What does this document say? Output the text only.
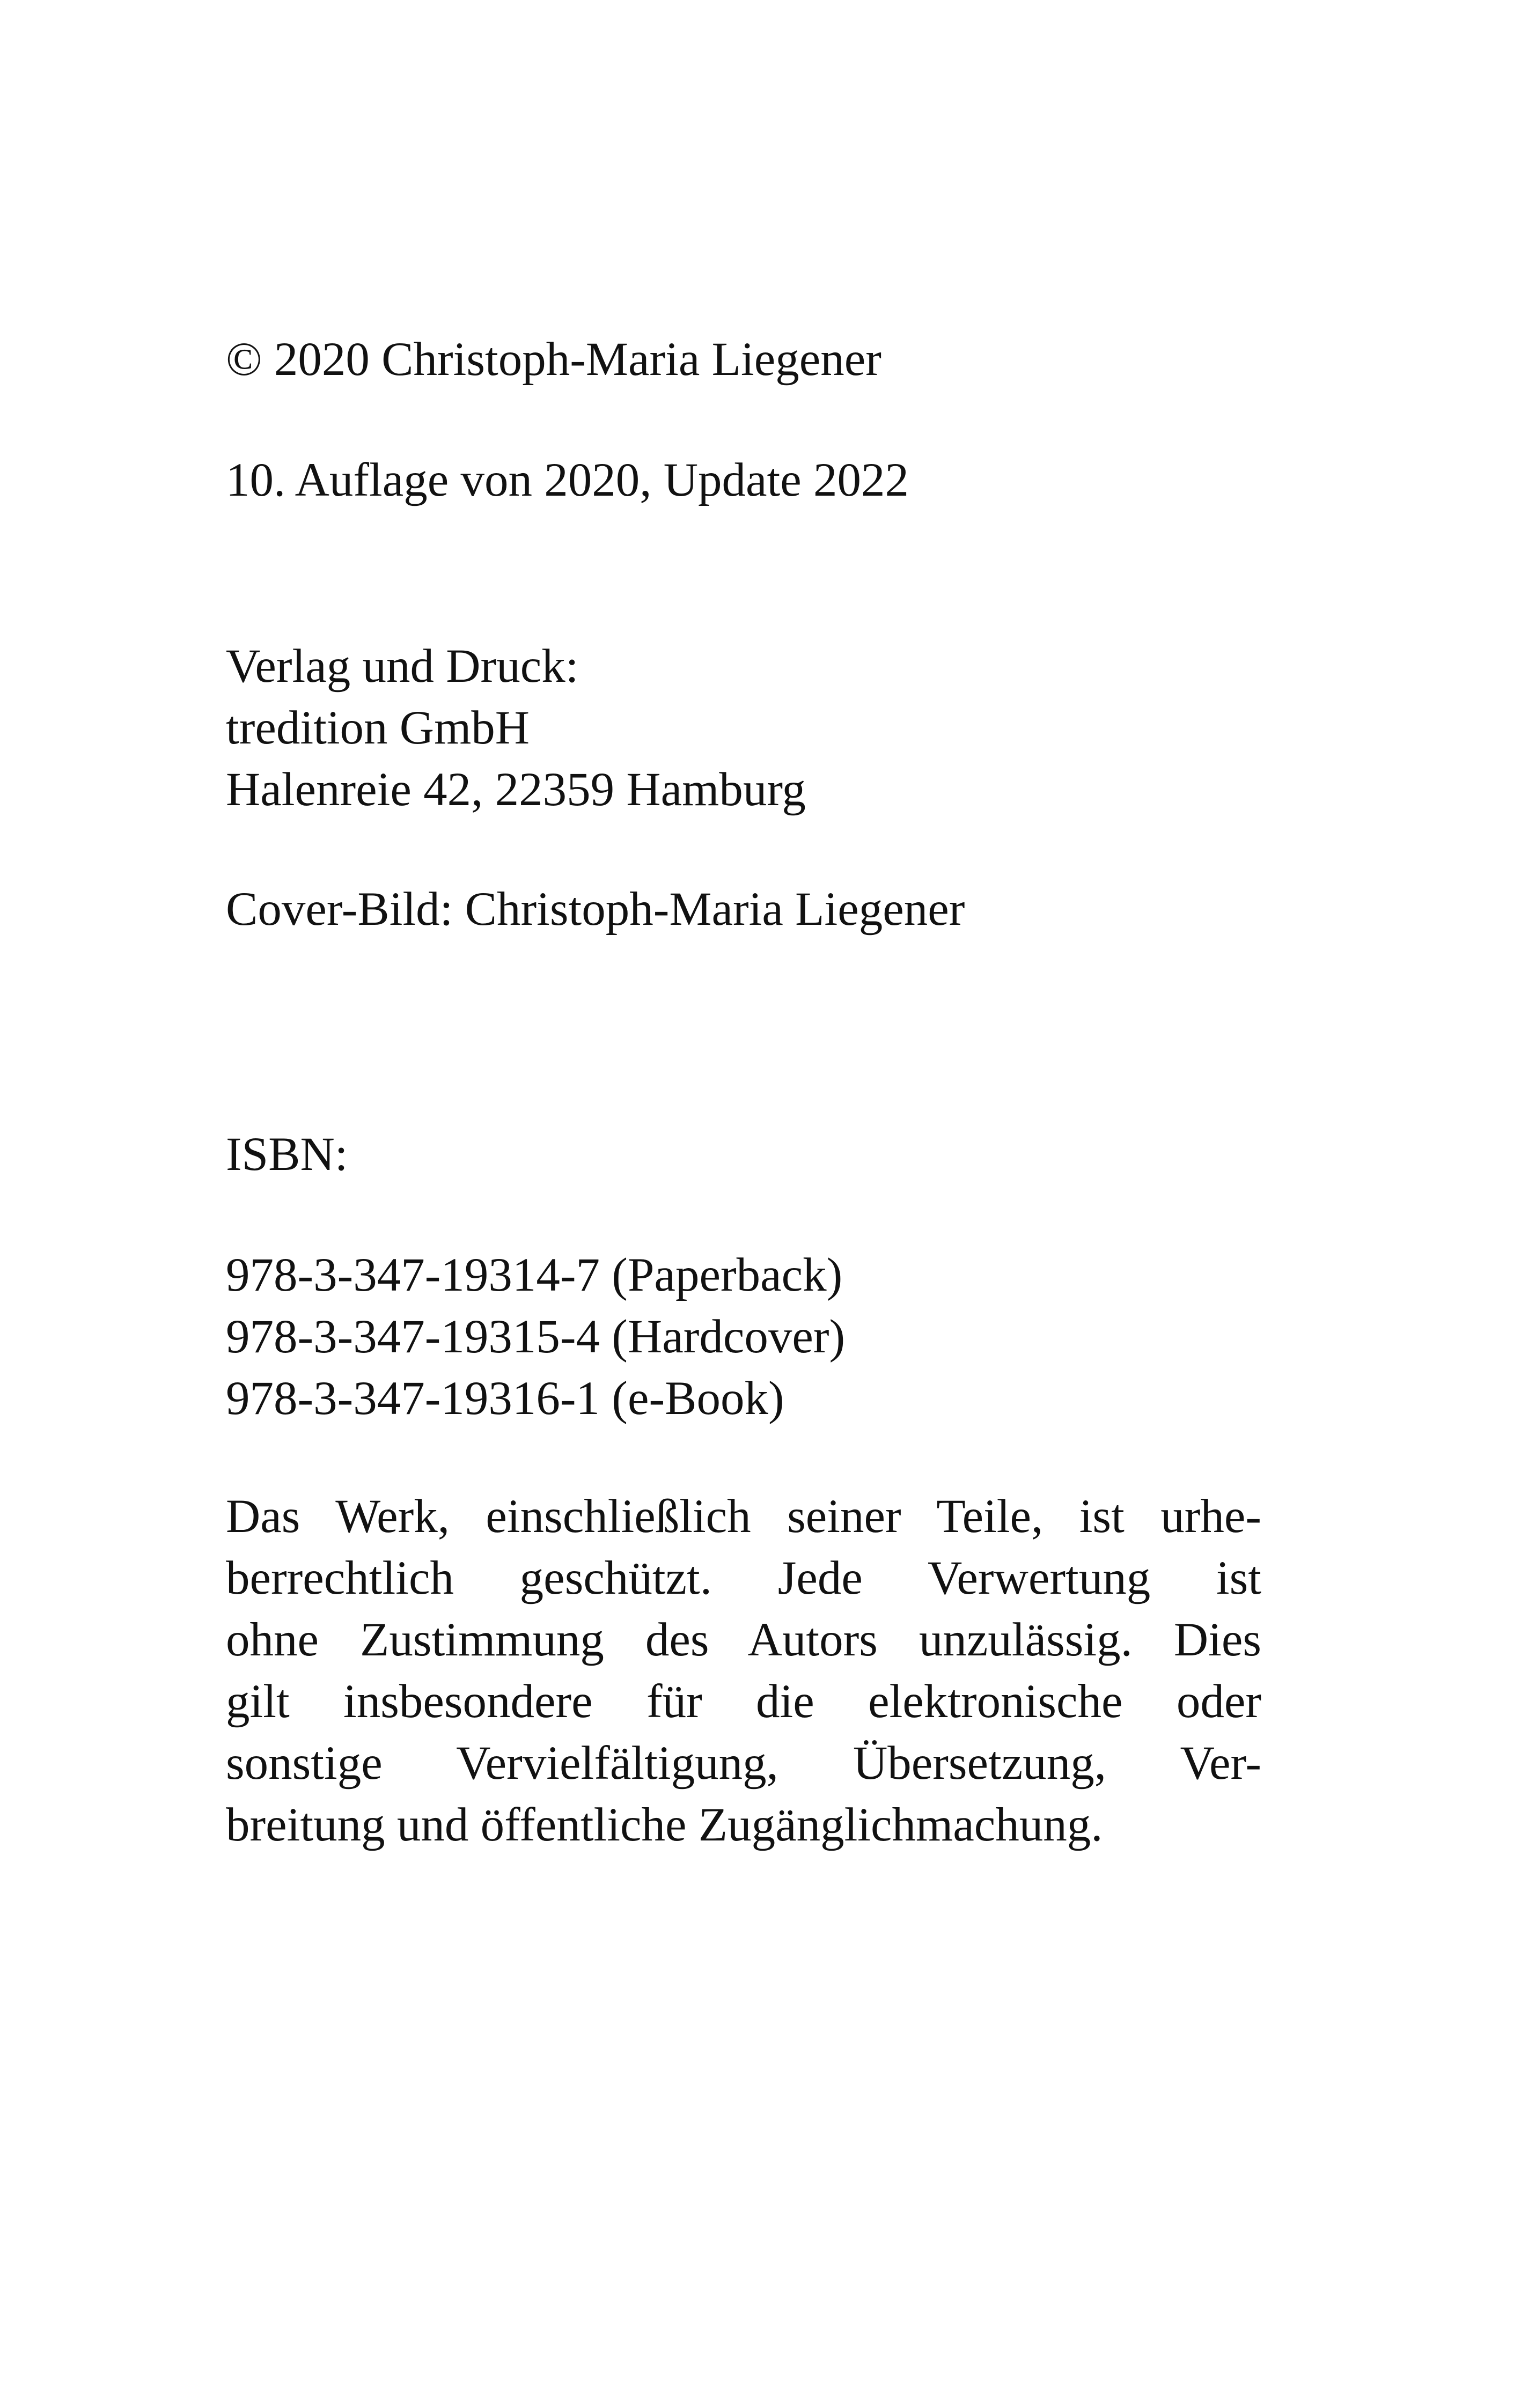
© 2020 Christoph-Maria Liegener

10. Auflage von 2020, Update 2022

Verlag und Druck:
tredition GmbH
Halenreie 42, 22359 Hamburg

Cover-Bild: Christoph-Maria Liegener

ISBN:

978-3-347-19314-7 (Paperback)
978-3-347-19315-4 (Hardcover)
978-3-347-19316-1 (e-Book)

Das Werk, einschließlich seiner Teile, ist urhe-
berrechtlich geschützt. Jede Verwertung ist
ohne Zustimmung des Autors unzulässig. Dies
gilt insbesondere für die elektronische oder
sonstige Vervielfältigung, Übersetzung, Ver-
breitung und öffentliche Zugänglichmachung.
